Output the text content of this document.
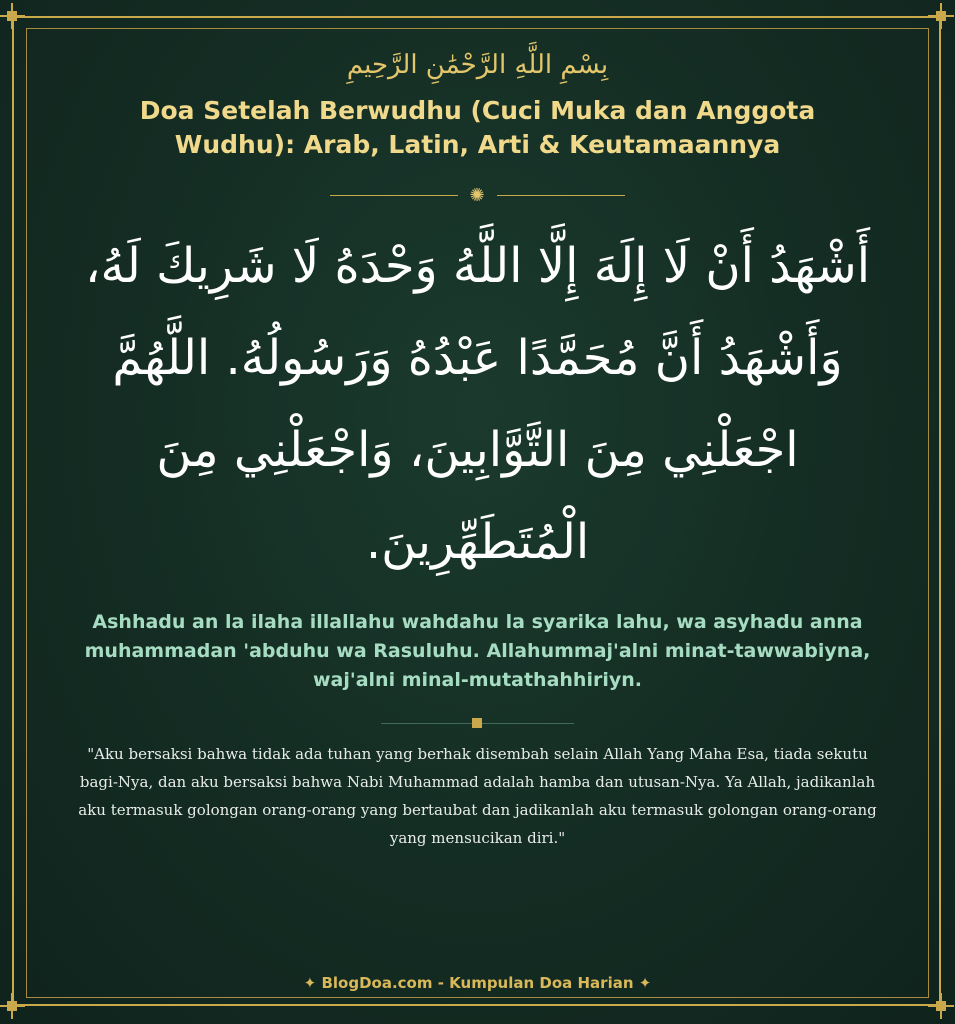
بِسْمِ اللَّهِ الرَّحْمَٰنِ الرَّحِيمِ
Doa Setelah Berwudhu (Cuci Muka dan Anggota Wudhu): Arab, Latin, Arti & Keutamaannya
✺
أَشْهَدُ أَنْ لَا إِلَهَ إِلَّا اللَّهُ وَحْدَهُ لَا شَرِيكَ لَهُ، وَأَشْهَدُ أَنَّ مُحَمَّدًا عَبْدُهُ وَرَسُولُهُ. اللَّهُمَّ اجْعَلْنِي مِنَ التَّوَّابِينَ، وَاجْعَلْنِي مِنَ الْمُتَطَهِّرِينَ.
Ashhadu an la ilaha illallahu wahdahu la syarika lahu, wa asyhadu anna muhammadan 'abduhu wa Rasuluhu. Allahummaj'alni minat-tawwabiyna, waj'alni minal-mutathahhiriyn.
"Aku bersaksi bahwa tidak ada tuhan yang berhak disembah selain Allah Yang Maha Esa, tiada sekutu bagi-Nya, dan aku bersaksi bahwa Nabi Muhammad adalah hamba dan utusan-Nya. Ya Allah, jadikanlah aku termasuk golongan orang-orang yang bertaubat dan jadikanlah aku termasuk golongan orang-orang yang mensucikan diri."
✦ BlogDoa.com - Kumpulan Doa Harian ✦
